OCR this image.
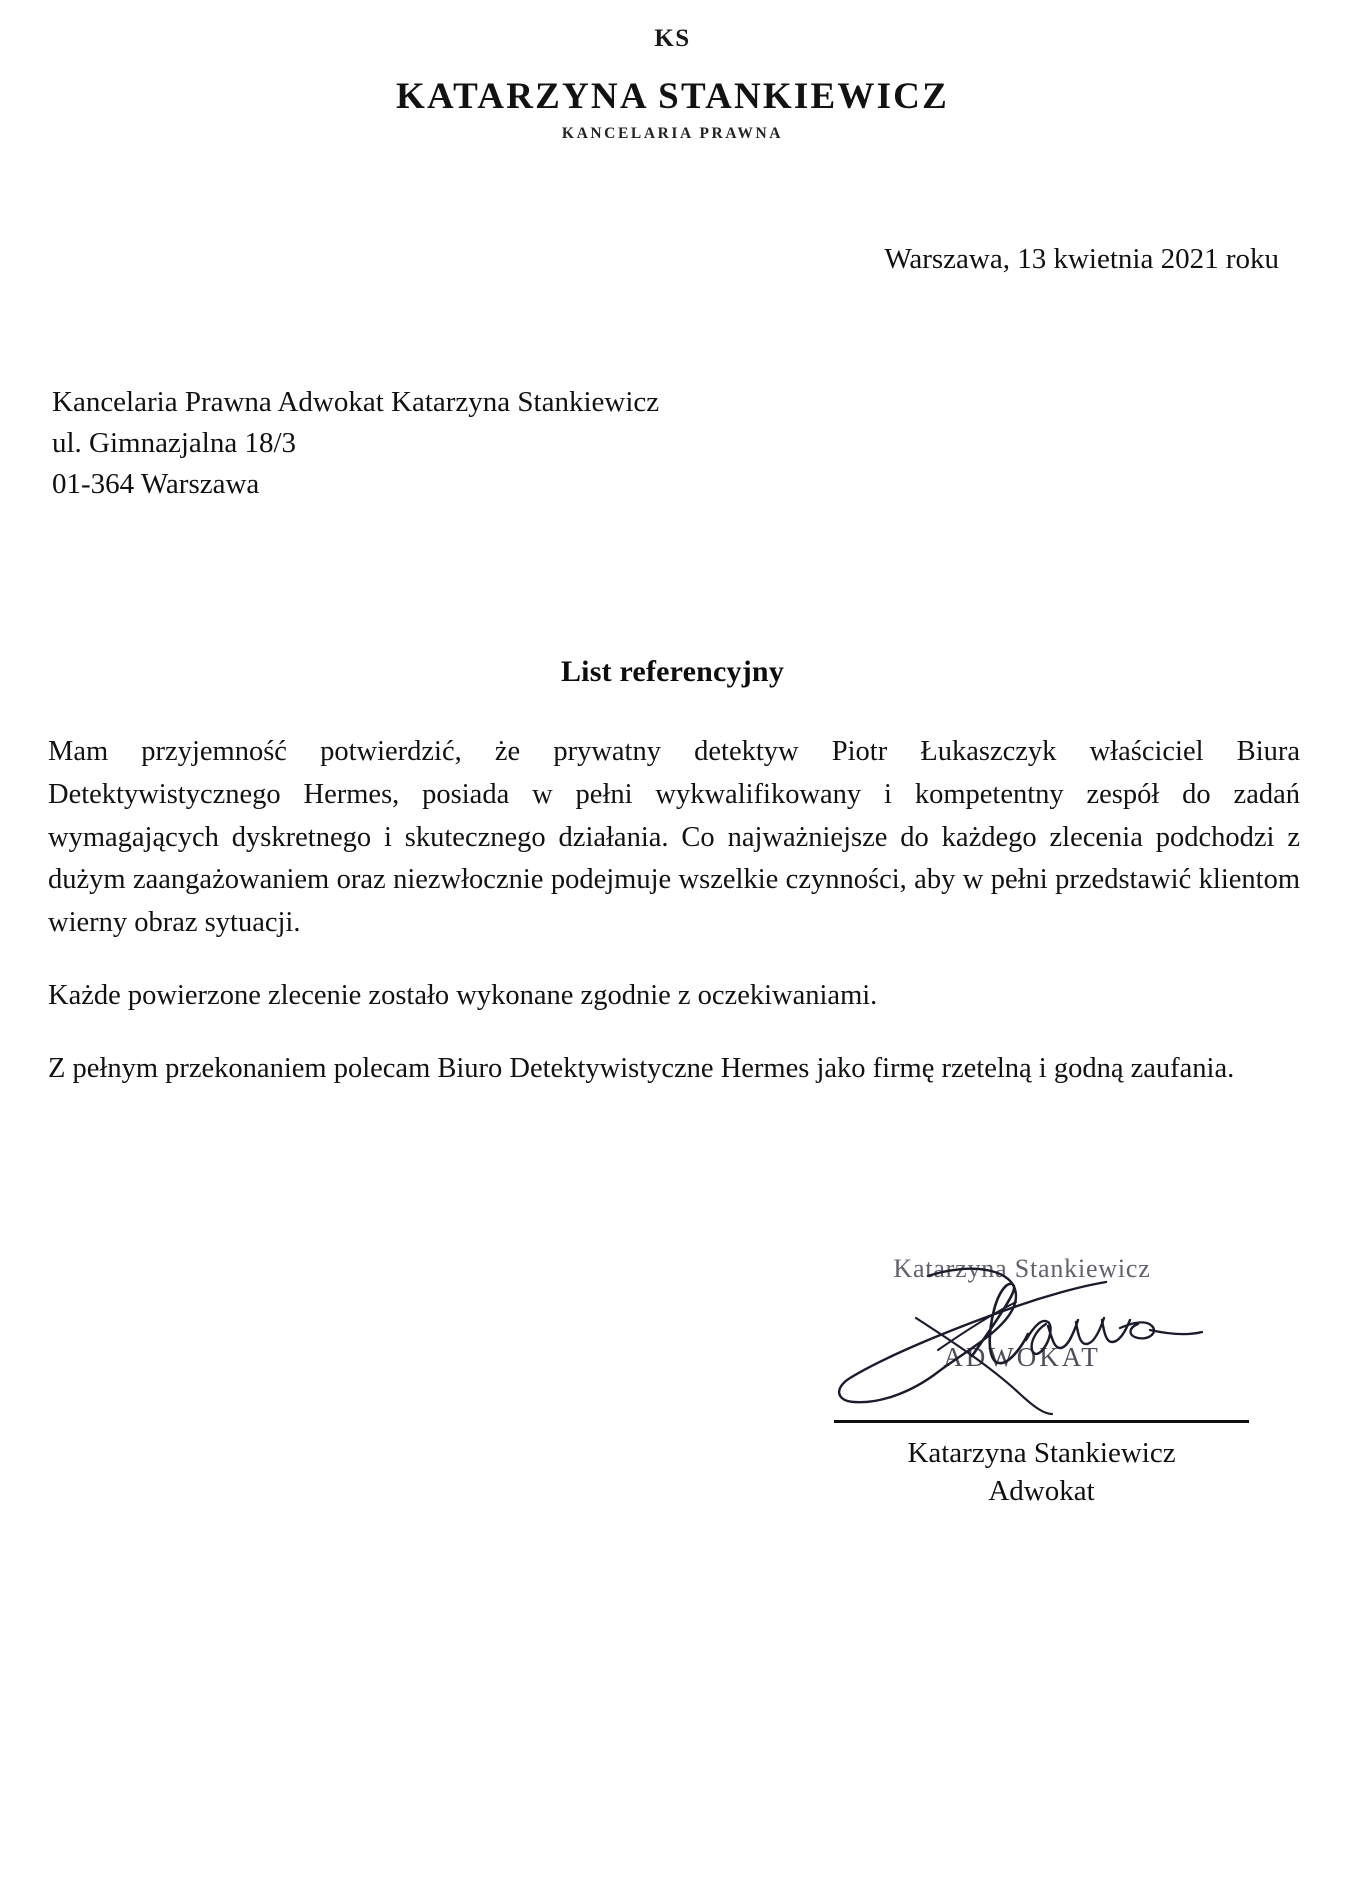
KS
KATARZYNA STANKIEWICZ
KANCELARIA PRAWNA
Warszawa, 13 kwietnia 2021 roku
Kancelaria Prawna Adwokat Katarzyna Stankiewicz
ul. Gimnazjalna 18/3
01-364 Warszawa
List referencyjny

Mam przyjemność potwierdzić, że prywatny detektyw Piotr Łukaszczyk właściciel Biura Detektywistycznego Hermes, posiada w pełni wykwalifikowany i kompetentny zespół do zadań wymagających dyskretnego i skutecznego działania. Co najważniejsze do każdego zlecenia podchodzi z dużym zaangażowaniem oraz niezwłocznie podejmuje wszelkie czynności, aby w pełni przedstawić klientom wierny obraz sytuacji.

Każde powierzone zlecenie zostało wykonane zgodnie z oczekiwaniami.

Z pełnym przekonaniem polecam Biuro Detektywistyczne Hermes jako firmę rzetelną i godną zaufania.

Katarzyna Stankiewicz
ADWOKAT
Katarzyna Stankiewicz
Adwokat
